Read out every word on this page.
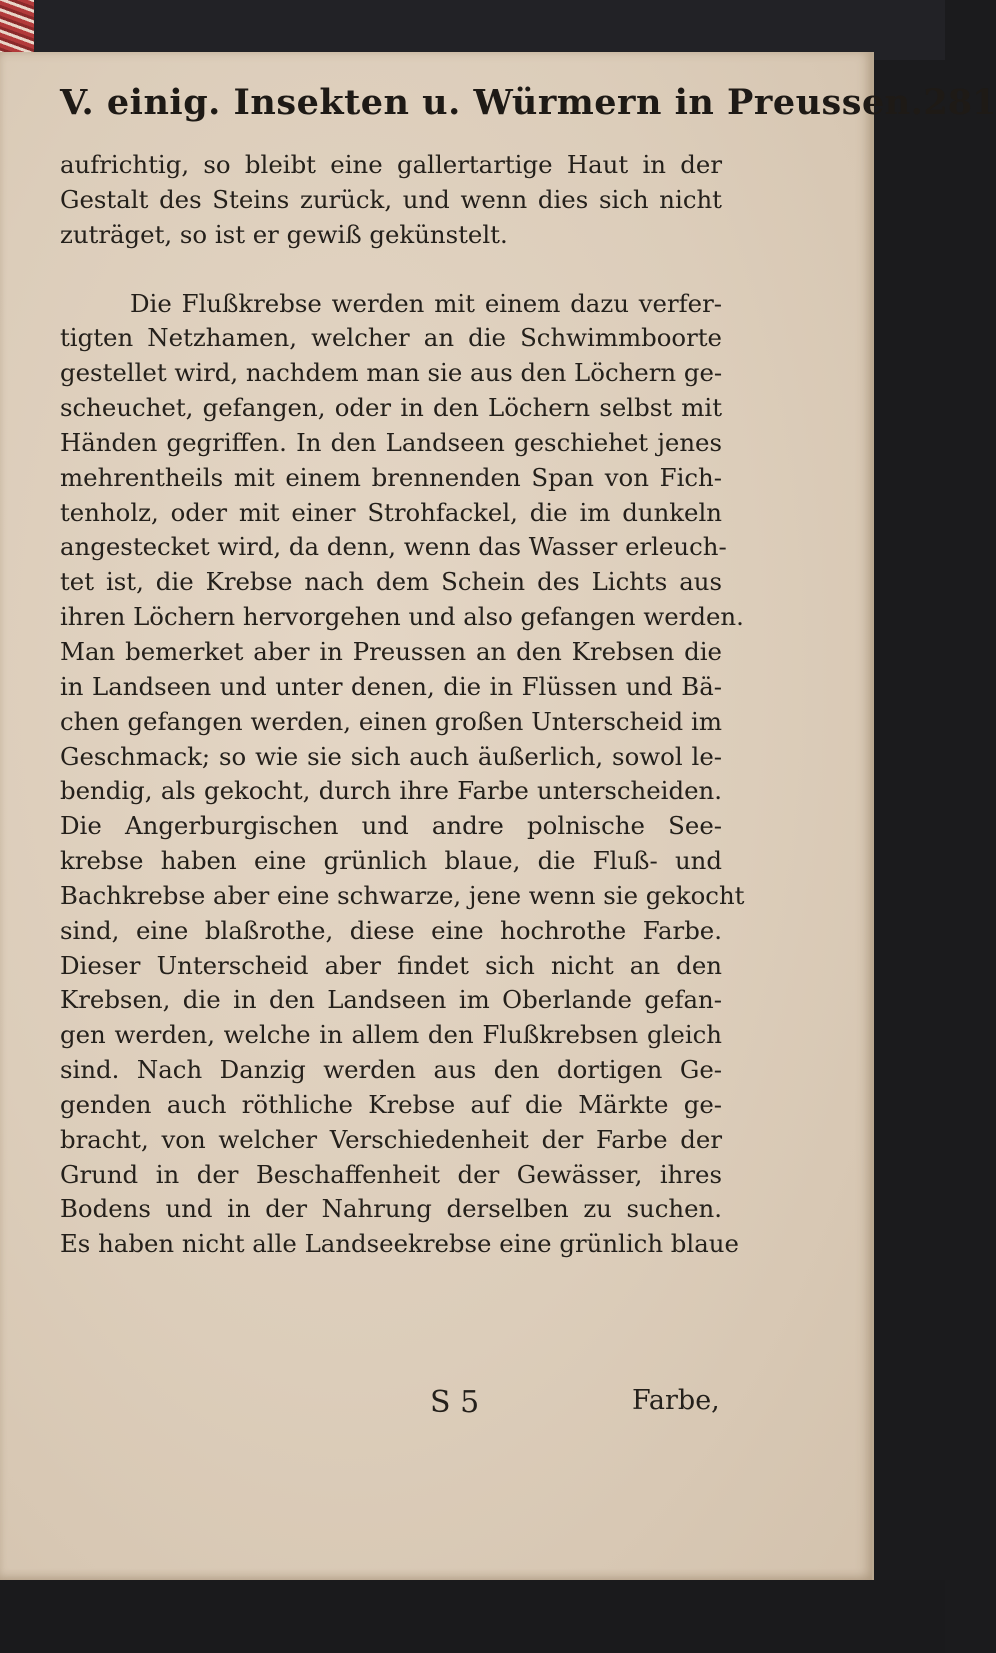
V. einig. Insekten u. Würmern in Preussen. 281
aufrichtig, so bleibt eine gallertartige Haut in der
Gestalt des Steins zurück, und wenn dies sich nicht
zuträget, so ist er gewiß gekünstelt.
Die Flußkrebse werden mit einem dazu verfer-
tigten Netzhamen, welcher an die Schwimmboorte
gestellet wird, nachdem man sie aus den Löchern ge-
scheuchet, gefangen, oder in den Löchern selbst mit
Händen gegriffen. In den Landseen geschiehet jenes
mehrentheils mit einem brennenden Span von Fich-
tenholz, oder mit einer Strohfackel, die im dunkeln
angestecket wird, da denn, wenn das Wasser erleuch-
tet ist, die Krebse nach dem Schein des Lichts aus
ihren Löchern hervorgehen und also gefangen werden.
Man bemerket aber in Preussen an den Krebsen die
in Landseen und unter denen, die in Flüssen und Bä-
chen gefangen werden, einen großen Unterscheid im
Geschmack; so wie sie sich auch äußerlich, sowol le-
bendig, als gekocht, durch ihre Farbe unterscheiden.
Die Angerburgischen und andre polnische See-
krebse haben eine grünlich blaue, die Fluß- und
Bachkrebse aber eine schwarze, jene wenn sie gekocht
sind, eine blaßrothe, diese eine hochrothe Farbe.
Dieser Unterscheid aber findet sich nicht an den
Krebsen, die in den Landseen im Oberlande gefan-
gen werden, welche in allem den Flußkrebsen gleich
sind. Nach Danzig werden aus den dortigen Ge-
genden auch röthliche Krebse auf die Märkte ge-
bracht, von welcher Verschiedenheit der Farbe der
Grund in der Beschaffenheit der Gewässer, ihres
Bodens und in der Nahrung derselben zu suchen.
Es haben nicht alle Landseekrebse eine grünlich blaue
S 5	Farbe,
